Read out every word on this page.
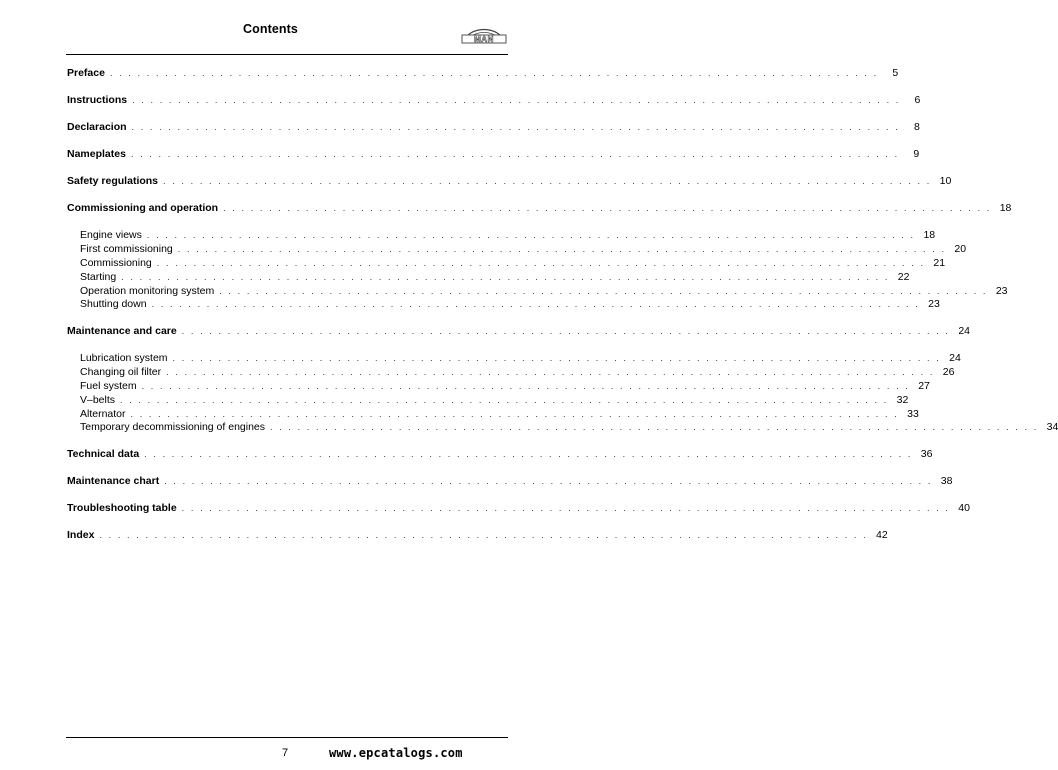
Contents
MAN
Preface . . . . . . . . . . . . . . . . . . . . . . . . . . . . . . . . . . . . . . . . . . . . . . . . . . . . . . . . . . . . . . . . . . . . . . . . . . . . . . . . . . . .	5
Instructions . . . . . . . . . . . . . . . . . . . . . . . . . . . . . . . . . . . . . . . . . . . . . . . . . . . . . . . . . . . . . . . . . . . . . . . . . . . . . . . . . . . .	6
Declaracion . . . . . . . . . . . . . . . . . . . . . . . . . . . . . . . . . . . . . . . . . . . . . . . . . . . . . . . . . . . . . . . . . . . . . . . . . . . . . . . . . . . .	8
Nameplates . . . . . . . . . . . . . . . . . . . . . . . . . . . . . . . . . . . . . . . . . . . . . . . . . . . . . . . . . . . . . . . . . . . . . . . . . . . . . . . . . . . .	9
Safety regulations . . . . . . . . . . . . . . . . . . . . . . . . . . . . . . . . . . . . . . . . . . . . . . . . . . . . . . . . . . . . . . . . . . . . . . . . . . . . . . . . . . . . 10
Commissioning and operation . . . . . . . . . . . . . . . . . . . . . . . . . . . . . . . . . . . . . . . . . . . . . . . . . . . . . . . . . . . . . . . . . . . . . . . . . . . . . . . . . . . . 18
Engine views . . . . . . . . . . . . . . . . . . . . . . . . . . . . . . . . . . . . . . . . . . . . . . . . . . . . . . . . . . . . . . . . . . . . . . . . . . . . . . . . . . . . 18
First commissioning . . . . . . . . . . . . . . . . . . . . . . . . . . . . . . . . . . . . . . . . . . . . . . . . . . . . . . . . . . . . . . . . . . . . . . . . . . . . . . . . . . . . 20
Commissioning . . . . . . . . . . . . . . . . . . . . . . . . . . . . . . . . . . . . . . . . . . . . . . . . . . . . . . . . . . . . . . . . . . . . . . . . . . . . . . . . . . . . 21
Starting . . . . . . . . . . . . . . . . . . . . . . . . . . . . . . . . . . . . . . . . . . . . . . . . . . . . . . . . . . . . . . . . . . . . . . . . . . . . . . . . . . . . 22
Operation monitoring system . . . . . . . . . . . . . . . . . . . . . . . . . . . . . . . . . . . . . . . . . . . . . . . . . . . . . . . . . . . . . . . . . . . . . . . . . . . . . . . . . . . . 23
Shutting down . . . . . . . . . . . . . . . . . . . . . . . . . . . . . . . . . . . . . . . . . . . . . . . . . . . . . . . . . . . . . . . . . . . . . . . . . . . . . . . . . . . . 23
Maintenance and care . . . . . . . . . . . . . . . . . . . . . . . . . . . . . . . . . . . . . . . . . . . . . . . . . . . . . . . . . . . . . . . . . . . . . . . . . . . . . . . . . . . . 24
Lubrication system . . . . . . . . . . . . . . . . . . . . . . . . . . . . . . . . . . . . . . . . . . . . . . . . . . . . . . . . . . . . . . . . . . . . . . . . . . . . . . . . . . . . 24
Changing oil filter . . . . . . . . . . . . . . . . . . . . . . . . . . . . . . . . . . . . . . . . . . . . . . . . . . . . . . . . . . . . . . . . . . . . . . . . . . . . . . . . . . . . 26
Fuel system . . . . . . . . . . . . . . . . . . . . . . . . . . . . . . . . . . . . . . . . . . . . . . . . . . . . . . . . . . . . . . . . . . . . . . . . . . . . . . . . . . . . 27
V–belts . . . . . . . . . . . . . . . . . . . . . . . . . . . . . . . . . . . . . . . . . . . . . . . . . . . . . . . . . . . . . . . . . . . . . . . . . . . . . . . . . . . . 32
Alternator . . . . . . . . . . . . . . . . . . . . . . . . . . . . . . . . . . . . . . . . . . . . . . . . . . . . . . . . . . . . . . . . . . . . . . . . . . . . . . . . . . . . 33
Temporary decommissioning of engines . . . . . . . . . . . . . . . . . . . . . . . . . . . . . . . . . . . . . . . . . . . . . . . . . . . . . . . . . . . . . . . . . . . . . . . . . . . . . . . . . . . . 34
Technical data . . . . . . . . . . . . . . . . . . . . . . . . . . . . . . . . . . . . . . . . . . . . . . . . . . . . . . . . . . . . . . . . . . . . . . . . . . . . . . . . . . . . 36
Maintenance chart . . . . . . . . . . . . . . . . . . . . . . . . . . . . . . . . . . . . . . . . . . . . . . . . . . . . . . . . . . . . . . . . . . . . . . . . . . . . . . . . . . . . 38
Troubleshooting table . . . . . . . . . . . . . . . . . . . . . . . . . . . . . . . . . . . . . . . . . . . . . . . . . . . . . . . . . . . . . . . . . . . . . . . . . . . . . . . . . . . . 40
Index . . . . . . . . . . . . . . . . . . . . . . . . . . . . . . . . . . . . . . . . . . . . . . . . . . . . . . . . . . . . . . . . . . . . . . . . . . . . . . . . . . . . 42
7	www.epcatalogs.com
